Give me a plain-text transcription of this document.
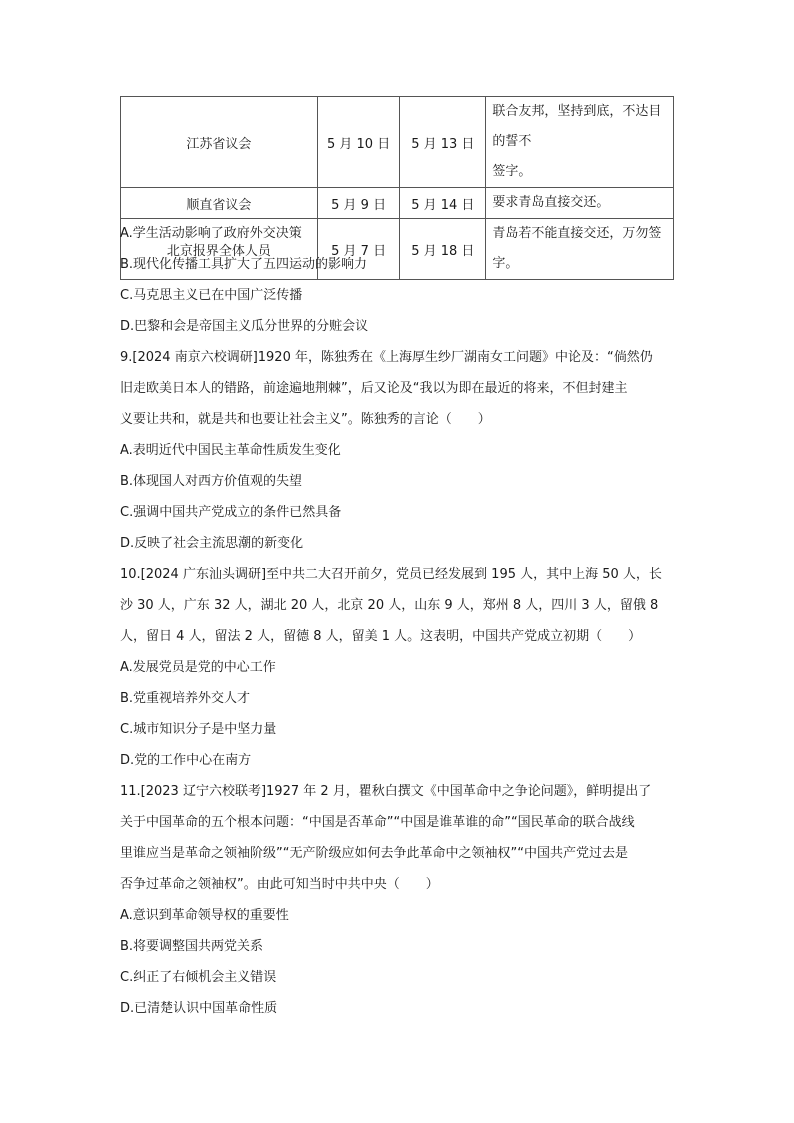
江苏省议会	5 月 10 日	5 月 13 日	联合友邦，坚持到底，不达目的誓不
签字。
顺直省议会	5 月 9 日	5 月 14 日	要求青岛直接交还。
北京报界全体人员	5 月 7 日	5 月 18 日	青岛若不能直接交还，万勿签字。
A.学生活动影响了政府外交决策
B.现代化传播工具扩大了五四运动的影响力
C.马克思主义已在中国广泛传播
D.巴黎和会是帝国主义瓜分世界的分赃会议
9.[2024 南京六校调研]1920 年，陈独秀在《上海厚生纱厂湖南女工问题》中论及：“倘然仍
旧走欧美日本人的错路，前途遍地荆棘”，后又论及“我以为即在最近的将来，不但封建主
义要让共和，就是共和也要让社会主义”。陈独秀的言论（　　）
A.表明近代中国民主革命性质发生变化
B.体现国人对西方价值观的失望
C.强调中国共产党成立的条件已然具备
D.反映了社会主流思潮的新变化
10.[2024 广东汕头调研]至中共二大召开前夕，党员已经发展到 195 人，其中上海 50 人，长
沙 30 人，广东 32 人，湖北 20 人，北京 20 人，山东 9 人，郑州 8 人，四川 3 人，留俄 8
人，留日 4 人，留法 2 人，留德 8 人，留美 1 人。这表明，中国共产党成立初期（　　）
A.发展党员是党的中心工作
B.党重视培养外交人才
C.城市知识分子是中坚力量
D.党的工作中心在南方
11.[2023 辽宁六校联考]1927 年 2 月，瞿秋白撰文《中国革命中之争论问题》，鲜明提出了
关于中国革命的五个根本问题：“中国是否革命”“中国是谁革谁的命”“国民革命的联合战线
里谁应当是革命之领袖阶级”“无产阶级应如何去争此革命中之领袖权”“中国共产党过去是
否争过革命之领袖权”。由此可知当时中共中央（　　）
A.意识到革命领导权的重要性
B.将要调整国共两党关系
C.纠正了右倾机会主义错误
D.已清楚认识中国革命性质
